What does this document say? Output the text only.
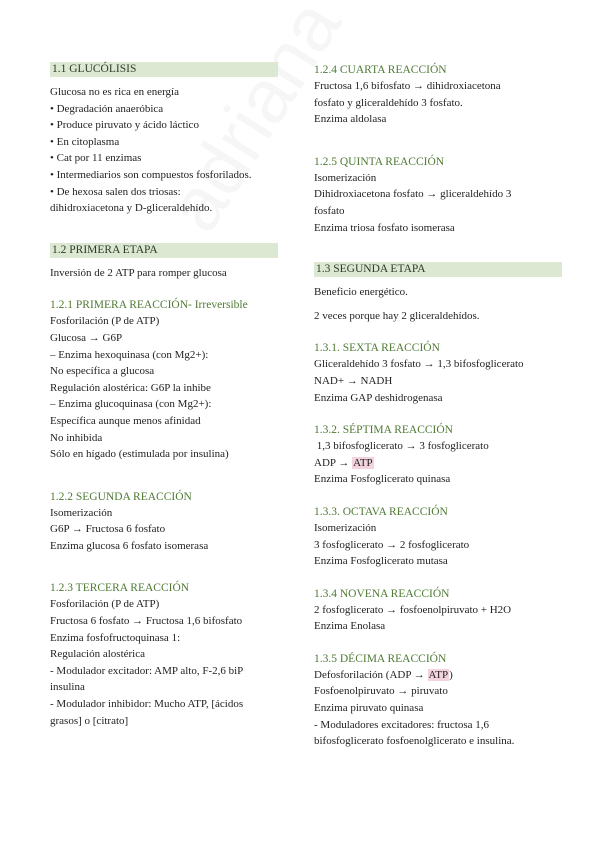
1.1 GLUCÓLISIS
Glucosa no es rica en energía
• Degradación anaeróbica
• Produce piruvato y ácido láctico
• En citoplasma
• Cat por 11 enzimas
• Intermediarios son compuestos fosforilados.
• De hexosa salen dos triosas:
dihidroxiacetona y D-gliceraldehído.
1.2 PRIMERA ETAPA
Inversión de 2 ATP para romper glucosa
1.2.1 PRIMERA REACCIÓN- Irreversible
Fosforilación (P de ATP)
Glucosa → G6P
– Enzima hexoquinasa (con Mg2+):
No específica a glucosa
Regulación alostérica: G6P la inhibe
– Enzima glucoquinasa (con Mg2+):
Específica aunque menos afinidad
No inhibida
Sólo en hígado (estimulada por insulina)
1.2.2 SEGUNDA REACCIÓN
Isomerización
G6P → Fructosa 6 fosfato
Enzima glucosa 6 fosfato isomerasa
1.2.3 TERCERA REACCIÓN
Fosforilación (P de ATP)
Fructosa 6 fosfato → Fructosa 1,6 bifosfato
Enzima fosfofructoquinasa 1:
Regulación alostérica
- Modulador excitador: AMP alto, F-2,6 biP
insulina
- Modulador inhibidor: Mucho ATP, [ácidos
grasos] o [citrato]
1.2.4 CUARTA REACCIÓN
Fructosa 1,6 bifosfato → dihidroxiacetona
fosfato y gliceraldehído 3 fosfato.
Enzima aldolasa
1.2.5 QUINTA REACCIÓN
Isomerización
Dihidroxiacetona fosfato → gliceraldehído 3
fosfato
Enzima triosa fosfato isomerasa
1.3 SEGUNDA ETAPA
Beneficio energético.
2 veces porque hay 2 gliceraldehídos.
1.3.1. SEXTA REACCIÓN
Gliceraldehído 3 fosfato → 1,3 bifosfoglicerato
NAD+ → NADH
Enzima GAP deshidrogenasa
1.3.2. SÉPTIMA REACCIÓN
1,3 bifosfoglicerato → 3 fosfoglicerato
ADP → ATP
Enzima Fosfoglicerato quinasa
1.3.3. OCTAVA REACCIÓN
Isomerización
3 fosfoglicerato → 2 fosfoglicerato
Enzima Fosfoglicerato mutasa
1.3.4 NOVENA REACCIÓN
2 fosfoglicerato → fosfoenolpiruvato + H2O
Enzima Enolasa
1.3.5 DÉCIMA REACCIÓN
Defosforilación (ADP → ATP)
Fosfoenolpiruvato → piruvato
Enzima piruvato quinasa
- Moduladores excitadores: fructosa 1,6
bifosfoglicerato fosfoenolglicerato e insulina.
